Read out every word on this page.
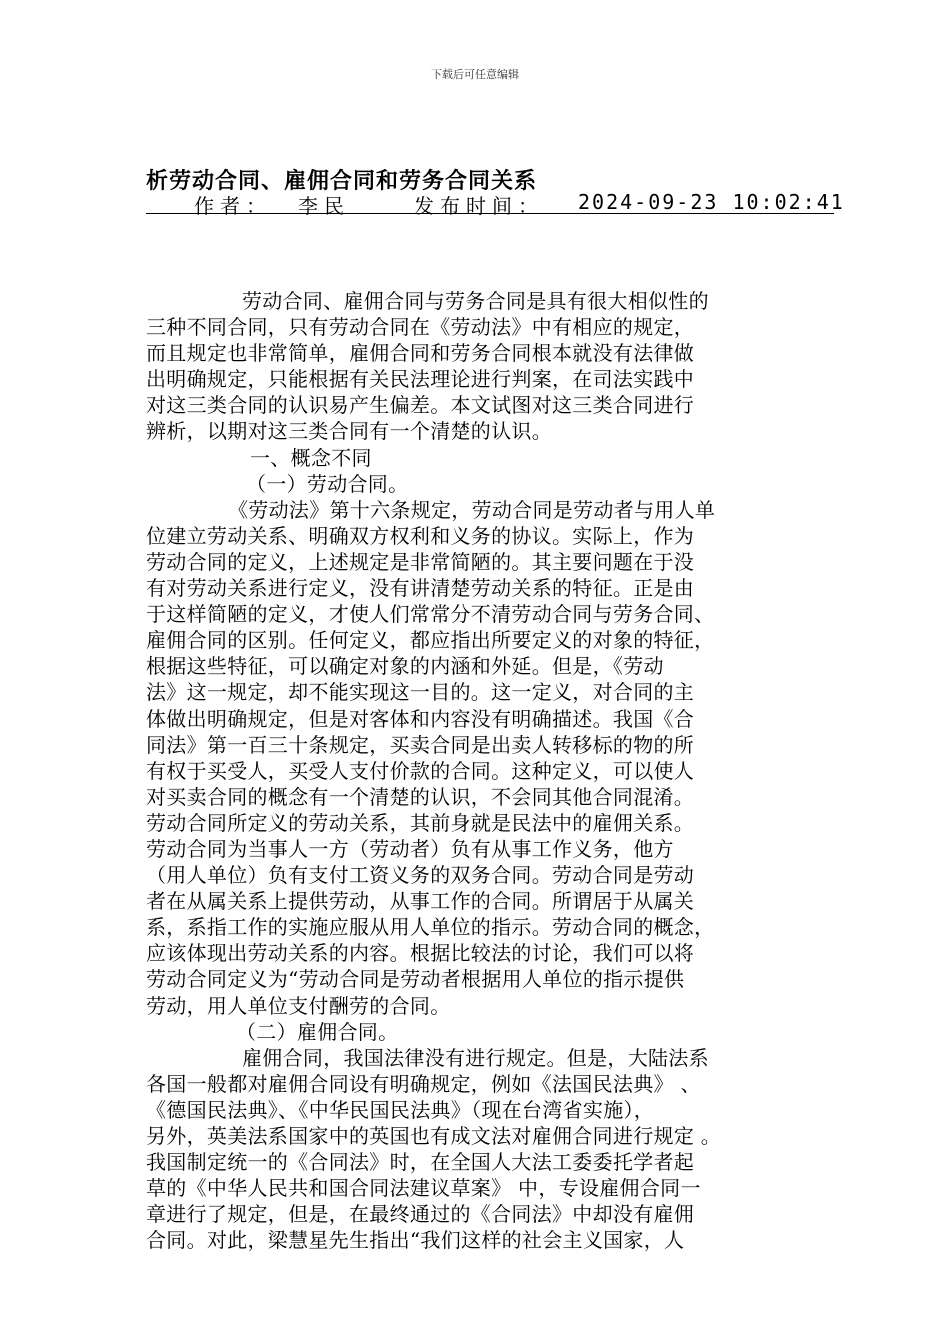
下载后可任意编辑
析劳动合同、雇佣合同和劳务合同关系
作者： 李民	发布时间： 2024-09-23 10:02:41
劳动合同、雇佣合同与劳务合同是具有很大相似性的
三种不同合同，只有劳动合同在《劳动法》中有相应的规定，
而且规定也非常简单，雇佣合同和劳务合同根本就没有法律做
出明确规定，只能根据有关民法理论进行判案，在司法实践中
对这三类合同的认识易产生偏差。本文试图对这三类合同进行
辨析，以期对这三类合同有一个清楚的认识。
一、概念不同
（一）劳动合同。
《劳动法》第十六条规定，劳动合同是劳动者与用人单
位建立劳动关系、明确双方权利和义务的协议。实际上，作为
劳动合同的定义，上述规定是非常简陋的。其主要问题在于没
有对劳动关系进行定义，没有讲清楚劳动关系的特征。正是由
于这样简陋的定义，才使人们常常分不清劳动合同与劳务合同、
雇佣合同的区别。任何定义，都应指出所要定义的对象的特征，
根据这些特征，可以确定对象的内涵和外延。但是，《劳动
法》这一规定，却不能实现这一目的。这一定义，对合同的主
体做出明确规定，但是对客体和内容没有明确描述。我国《合
同法》第一百三十条规定，买卖合同是出卖人转移标的物的所
有权于买受人，买受人支付价款的合同。这种定义，可以使人
对买卖合同的概念有一个清楚的认识，不会同其他合同混淆。
劳动合同所定义的劳动关系，其前身就是民法中的雇佣关系。
劳动合同为当事人一方（劳动者）负有从事工作义务，他方
（用人单位）负有支付工资义务的双务合同。劳动合同是劳动
者在从属关系上提供劳动，从事工作的合同。所谓居于从属关
系，系指工作的实施应服从用人单位的指示。劳动合同的概念，
应该体现出劳动关系的内容。根据比较法的讨论，我们可以将
劳动合同定义为“劳动合同是劳动者根据用人单位的指示提供
劳动，用人单位支付酬劳的合同。
（二）雇佣合同。
雇佣合同，我国法律没有进行规定。但是，大陆法系
各国一般都对雇佣合同设有明确规定，例如《法国民法典》 、
《德国民法典》、《中华民国民法典》（现在台湾省实施），
另外，英美法系国家中的英国也有成文法对雇佣合同进行规定 。
我国制定统一的《合同法》时，在全国人大法工委委托学者起
草的《中华人民共和国合同法建议草案》 中，专设雇佣合同一
章进行了规定，但是，在最终通过的《合同法》中却没有雇佣
合同。对此，梁慧星先生指出“我们这样的社会主义国家，人
